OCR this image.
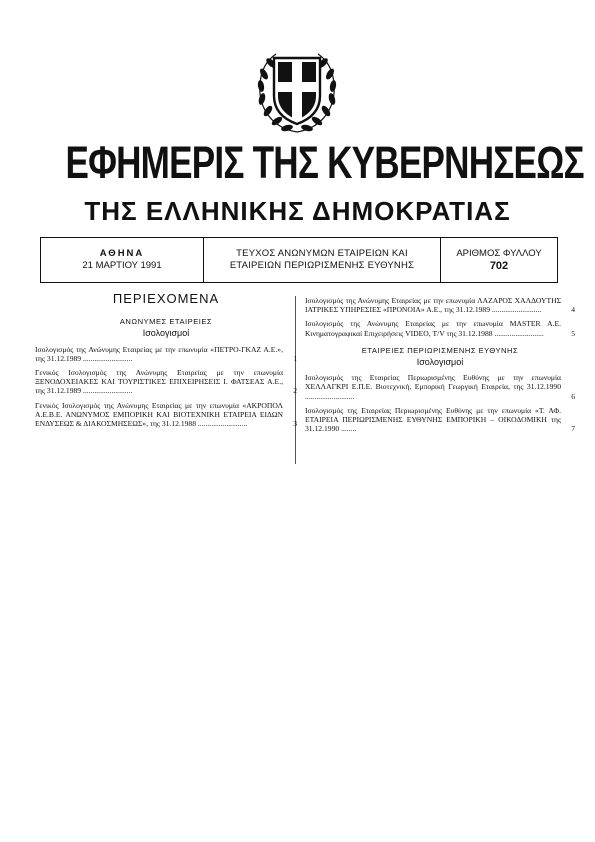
ΕΦΗΜΕΡΙΣ ΤΗΣ ΚΥΒΕΡΝΗΣΕΩΣ
ΤΗΣ ΕΛΛΗΝΙΚΗΣ ΔΗΜΟΚΡΑΤΙΑΣ
ΑΘΗΝΑ
21 ΜΑΡΤΙΟΥ 1991
ΤΕΥΧΟΣ ΑΝΩΝΥΜΩΝ ΕΤΑΙΡΕΙΩΝ ΚΑΙ
ΕΤΑΙΡΕΙΩΝ ΠΕΡΙΩΡΙΣΜΕΝΗΣ ΕΥΘΥΝΗΣ
ΑΡΙΘΜΟΣ ΦΥΛΛΟΥ
702
ΠΕΡΙΕΧΟΜΕΝΑ
ΑΝΩΝΥΜΕΣ ΕΤΑΙΡΕΙΕΣ
Ισολογισμοί
Ισολογισμός της Ανώνυμης Εταιρείας με την επωνυμία «ΠΕΤΡΟ-ΓΚΑΖ Α.Ε.», της 31.12.1989 ..........................	1
Γενικός Ισολογισμός της Ανώνυμης Εταιρείας με την επωνυμία ΞΕΝΟΔΟΧΕΙΑΚΕΣ ΚΑΙ ΤΟΥΡΙΣΤΙΚΕΣ ΕΠΙΧΕΙΡΗΣΕΙΣ Ι. ΦΑΤΣΕΑΣ Α.Ε., της 31.12.1989 ..........................	2
Γενικός Ισολογισμός της Ανώνυμης Εταιρείας με την επωνυμία «ΑΚΡΟΠΟΛ Α.Ε.Β.Ε. ΑΝΩΝΥΜΟΣ ΕΜΠΟΡΙΚΗ ΚΑΙ ΒΙΟΤΕΧΝΙΚΗ ΕΤΑΙΡΕΙΑ ΕΙΔΩΝ ΕΝΔΥΣΕΩΣ & ΔΙΑΚΟΣΜΗΣΕΩΣ», της 31.12.1988 ..........................	3
Ισολογισμός της Ανώνυμης Εταιρείας με την επωνυμία ΛΑΖΑΡΟΣ ΧΑΛΔΟΥΤΗΣ ΙΑΤΡΙΚΕΣ ΥΠΗΡΕΣΙΕΣ «ΠΡΟΝΟΙΑ» Α.Ε., της 31.12.1989 ..........................	4
Ισολογισμός της Ανώνυμης Εταιρείας με την επωνυμία MASTER A.E. Κινηματογραφικαί Επιχειρήσεις VIDEO, T/V της 31.12.1988 ..........................	5
ΕΤΑΙΡΕΙΕΣ ΠΕΡΙΩΡΙΣΜΕΝΗΣ ΕΥΘΥΝΗΣ
Ισολογισμοί
Ισολογισμός της Εταιρείας Περιωρισμένης Ευθύνης με την επωνυμία ΧΕΛΛΑΓΚΡΙ Ε.Π.Ε. Βιοτεχνική, Εμπορική Γεωργική Εταιρεία, της 31.12.1990 ..........................	6
Ισολογισμός της Εταιρείας Περιωρισμένης Ευθύνης με την επωνυμία «Τ. ΑΦ. ΕΤΑΙΡΕΙΑ ΠΕΡΙΩΡΙΣΜΕΝΗΣ ΕΥΘΥΝΗΣ ΕΜΠΟΡΙΚΗ – ΟΙΚΟΔΟΜΙΚΗ της 31.12.1990 ........	7
